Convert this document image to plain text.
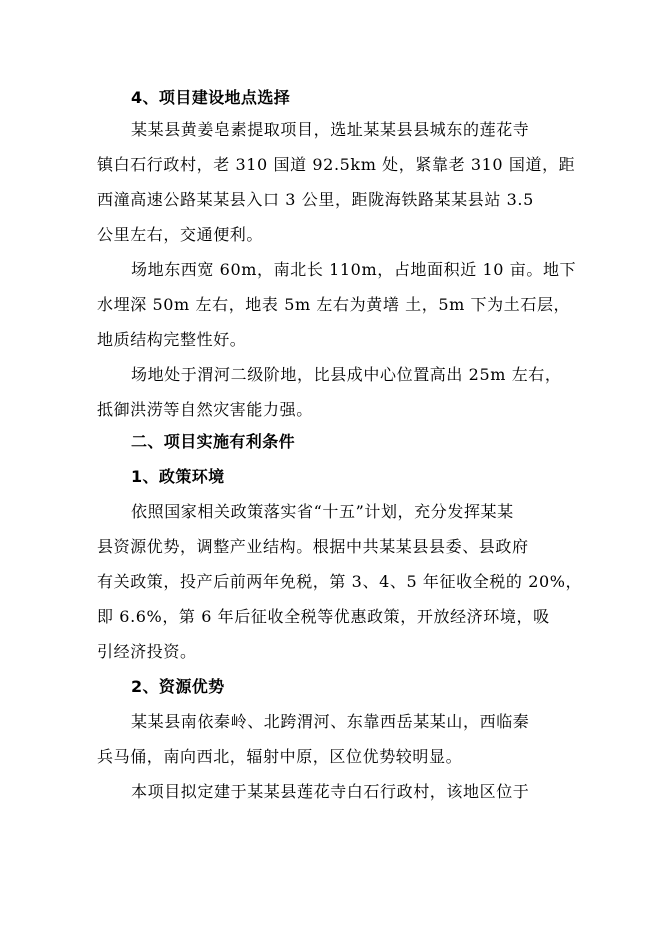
4、项目建设地点选择
某某县黄姜皂素提取项目，选址某某县县城东的莲花寺
镇白石行政村，老 310 国道 92.5km 处，紧靠老 310 国道，距
西潼高速公路某某县入口 3 公里，距陇海铁路某某县站 3.5
公里左右，交通便利。
场地东西宽 60m，南北长 110m，占地面积近 10 亩。地下
水埋深 50m 左右，地表 5m 左右为黄墡 土，5m 下为土石层，
地质结构完整性好。
场地处于渭河二级阶地，比县成中心位置高出 25m 左右，
抵御洪涝等自然灾害能力强。
二、项目实施有利条件
1、政策环境
依照国家相关政策落实省“十五”计划，充分发挥某某
县资源优势，调整产业结构。根据中共某某县县委、县政府
有关政策，投产后前两年免税，第 3、4、5 年征收全税的 20%，
即 6.6%，第 6 年后征收全税等优惠政策，开放经济环境，吸
引经济投资。
2、资源优势
某某县南依秦岭、北跨渭河、东靠西岳某某山，西临秦
兵马俑，南向西北，辐射中原，区位优势较明显。
本项目拟定建于某某县莲花寺白石行政村，该地区位于
